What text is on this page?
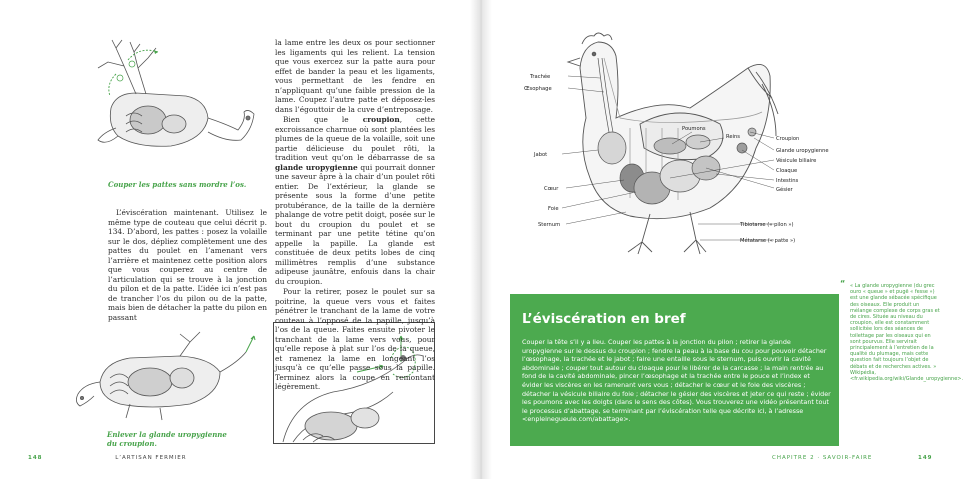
Couper les pattes sans mordre l’os.
Enlever la glande uropygienne
du croupion.

L’éviscération maintenant. Utilisez le même type de couteau que celui décrit p. 134. D’abord, les pattes : posez la volaille sur le dos, dépliez complètement une des pattes du poulet en l’amenant vers l’arrière et maintenez cette position alors que vous couperez au centre de l’articulation qui se trouve à la jonction du pilon et de la patte. L’idée ici n’est pas de trancher l’os du pilon ou de la patte, mais bien de détacher la patte du pilon en passant

la lame entre les deux os pour sectionner les ligaments qui les relient. La tension que vous exercez sur la patte aura pour effet de bander la peau et les ligaments, vous permettant de les fendre en n’appliquant qu’une faible pression de la lame. Coupez l’autre patte et déposez-les dans l’égouttoir de la cuve d’entreposage.

Bien que le croupion, cette excroissance charnue où sont plantées les plumes de la queue de la volaille, soit une partie délicieuse du poulet rôti, la tradition veut qu’on le débarrasse de sa glande uropygienne qui pourrait donner une saveur âpre à la chair d’un poulet rôti entier. De l’extérieur, la glande se présente sous la forme d’une petite protubérance, de la taille de la dernière phalange de votre petit doigt, posée sur le bout du croupion du poulet et se terminant par une petite tétine qu’on appelle la papille. La glande est constituée de deux petits lobes de cinq millimètres remplis d’une substance adipeuse jaunâtre, enfouis dans la chair du croupion.

Pour la retirer, posez le poulet sur sa poitrine, la queue vers vous et faites pénétrer le tranchant de la lame de votre couteau à l’opposé de la papille, jusqu’à l’os de la queue. Faites ensuite pivoter le tranchant de la lame vers vous, pour qu’elle repose à plat sur l’os de la queue, et ramenez la lame en longeant l’os jusqu’à ce qu’elle passe sous la papille. Terminez alors la coupe en remontant légèrement.

148	L’ARTISAN FERMIER
Trachée
Œsophage
Jabot
Cœur
Foie
Sternum
Poumons
Reins	Croupion
Glande uropygienne
Vésicule biliaire
Cloaque
Intestins
Gésier
Tibiotarse (« pilon »)
Métatarse (« patte »)
L’éviscération en bref
Couper la tête s’il y a lieu. Couper les pattes à la jonction du pilon ; retirer la glande uropygienne sur le dessus du croupion ; fendre la peau à la base du cou pour pouvoir détacher l’œsophage, la trachée et le jabot ; faire une entaille sous le sternum, puis ouvrir la cavité abdominale ; couper tout autour du cloaque pour le libérer de la carcasse ; la main rentrée au fond de la cavité abdominale, pincer l’œsophage et la trachée entre le pouce et l’index et évider les viscères en les ramenant vers vous ; détacher le cœur et le foie des viscères ; détacher la vésicule biliaire du foie ; détacher le gésier des viscères et jeter ce qui reste ; évider les poumons avec les doigts (dans le sens des côtes). Vous trouverez une vidéo présentant tout le processus d’abattage, se terminant par l’éviscération telle que décrite ici, à l’adresse <enpleinegueule.com/abattage>.
“ « La glande uropygienne (du grec ouro « queue » et pugē « fesse ») est une glande sébacée spécifique des oiseaux. Elle produit un mélange complexe de corps gras et de cires. Située au niveau du croupion, elle est constamment sollicitée lors des séances de toilettage par les oiseaux qui en sont pourvus. Elle servirait principalement à l’entretien de la qualité du plumage, mais cette question fait toujours l’objet de débats et de recherches actives. » Wikipédia, <fr.wikipedia.org/wiki/Glande_uropygienne>.
CHAPITRE 2 · SAVOIR-FAIRE	149
